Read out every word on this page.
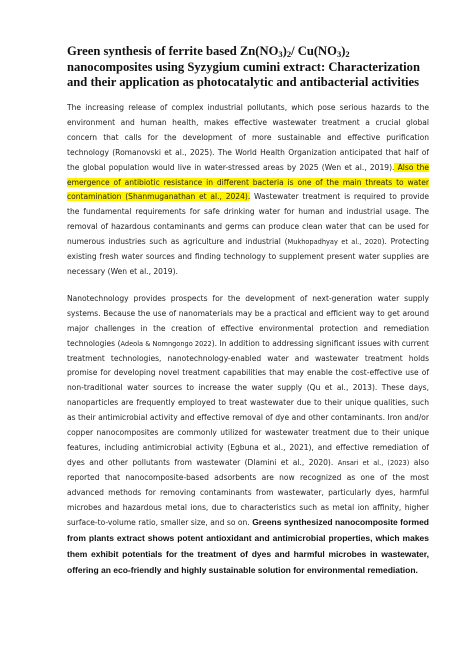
Green synthesis of ferrite based $Zn(NO_3)_2/$ $Cu(NO_3)_2$ nanocomposites using Syzygium cumini extract: Characterization and their application as photocatalytic and antibacterial activities

The increasing release of complex industrial pollutants, which pose serious hazards to the environment and human health, makes effective wastewater treatment a crucial global concern that calls for the development of more sustainable and effective purification technology (Romanovski et al., 2025). The World Health Organization anticipated that half of the global population would live in water-stressed areas by 2025 (Wen et al., 2019). Also the emergence of antibiotic resistance in different bacteria is one of the main threats to water contamination (Shanmuganathan et al., 2024). Wastewater treatment is required to provide the fundamental requirements for safe drinking water for human and industrial usage. The removal of hazardous contaminants and germs can produce clean water that can be used for numerous industries such as agriculture and industrial (Mukhopadhyay et al., 2020). Protecting existing fresh water sources and finding technology to supplement present water supplies are necessary (Wen et al., 2019).

Nanotechnology provides prospects for the development of next-generation water supply systems. Because the use of nanomaterials may be a practical and efficient way to get around major challenges in the creation of effective environmental protection and remediation technologies (Adeola & Nomngongo 2022). In addition to addressing significant issues with current treatment technologies, nanotechnology-enabled water and wastewater treatment holds promise for developing novel treatment capabilities that may enable the cost-effective use of non-traditional water sources to increase the water supply (Qu et al., 2013). These days, nanoparticles are frequently employed to treat wastewater due to their unique qualities, such as their antimicrobial activity and effective removal of dye and other contaminants. Iron and/or copper nanocomposites are commonly utilized for wastewater treatment due to their unique features, including antimicrobial activity (Egbuna et al., 2021), and effective remediation of dyes and other pollutants from wastewater (Dlamini et al., 2020). Ansari et al., (2023) also reported that nanocomposite-based adsorbents are now recognized as one of the most advanced methods for removing contaminants from wastewater, particularly dyes, harmful microbes and hazardous metal ions, due to characteristics such as metal ion affinity, higher surface-to-volume ratio, smaller size, and so on. Greens synthesized nanocomposite formed from plants extract shows potent antioxidant and antimicrobial properties, which makes them exhibit potentials for the treatment of dyes and harmful microbes in wastewater, offering an eco-friendly and highly sustainable solution for environmental remediation.
